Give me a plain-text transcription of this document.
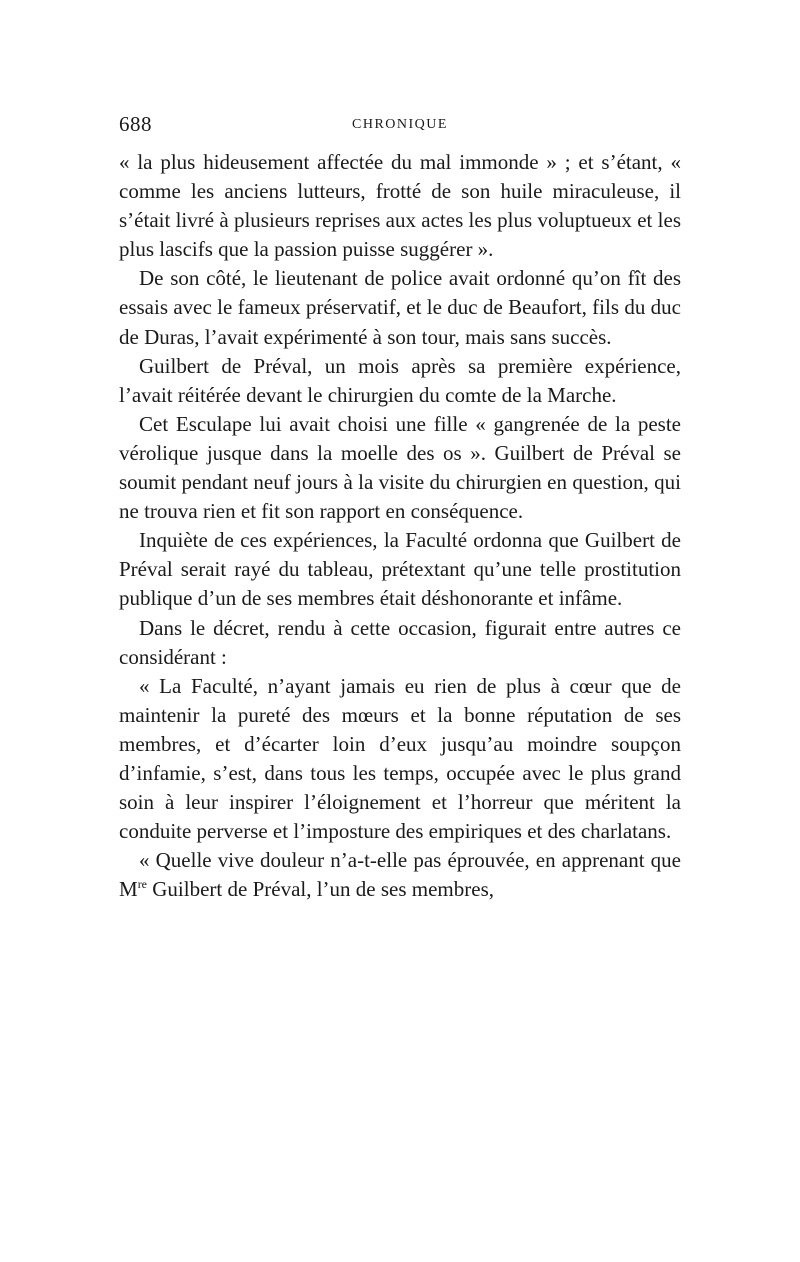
688	CHRONIQUE

« la plus hideusement affectée du mal immonde » ; et s’étant, « comme les anciens lutteurs, frotté de son huile miraculeuse, il s’était livré à plusieurs reprises aux actes les plus voluptueux et les plus lascifs que la passion puisse suggérer ».

De son côté, le lieutenant de police avait ordonné qu’on fît des essais avec le fameux préservatif, et le duc de Beaufort, fils du duc de Duras, l’avait expérimenté à son tour, mais sans succès.

Guilbert de Préval, un mois après sa première expérience, l’avait réitérée devant le chirurgien du comte de la Marche.

Cet Esculape lui avait choisi une fille « gangrenée de la peste vérolique jusque dans la moelle des os ». Guilbert de Préval se soumit pendant neuf jours à la visite du chirurgien en question, qui ne trouva rien et fit son rapport en conséquence.

Inquiète de ces expériences, la Faculté ordonna que Guilbert de Préval serait rayé du tableau, prétextant qu’une telle prostitution publique d’un de ses membres était déshonorante et infâme.

Dans le décret, rendu à cette occasion, figurait entre autres ce considérant :

« La Faculté, n’ayant jamais eu rien de plus à cœur que de maintenir la pureté des mœurs et la bonne réputation de ses membres, et d’écarter loin d’eux jusqu’au moindre soupçon d’infamie, s’est, dans tous les temps, occupée avec le plus grand soin à leur inspirer l’éloignement et l’horreur que méritent la conduite perverse et l’imposture des empiriques et des charlatans.

« Quelle vive douleur n’a-t-elle pas éprouvée, en apprenant que Mre Guilbert de Préval, l’un de ses membres,
